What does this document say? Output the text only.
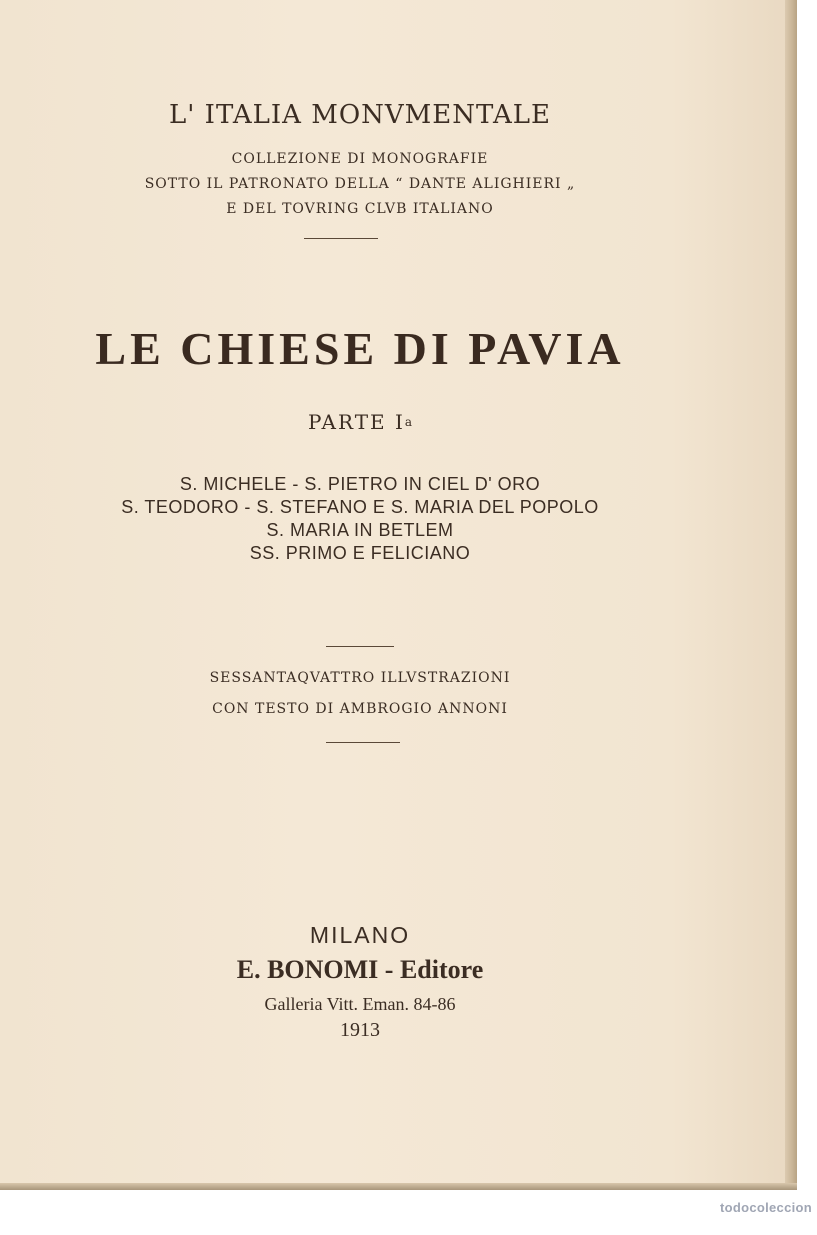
L' ITALIA MONVMENTALE
COLLEZIONE DI MONOGRAFIE
SOTTO IL PATRONATO DELLA “ DANTE ALIGHIERI „
E DEL TOVRING CLVB ITALIANO
LE CHIESE DI PAVIA
PARTE $I^a$
S. MICHELE - S. PIETRO IN CIEL D' ORO
S. TEODORO - S. STEFANO E S. MARIA DEL POPOLO
S. MARIA IN BETLEM
SS. PRIMO E FELICIANO
SESSANTAQVATTRO ILLVSTRAZIONI
CON TESTO DI AMBROGIO ANNONI
MILANO
E. BONOMI - Editore
Galleria Vitt. Eman. 84-86
1913
todocoleccion
